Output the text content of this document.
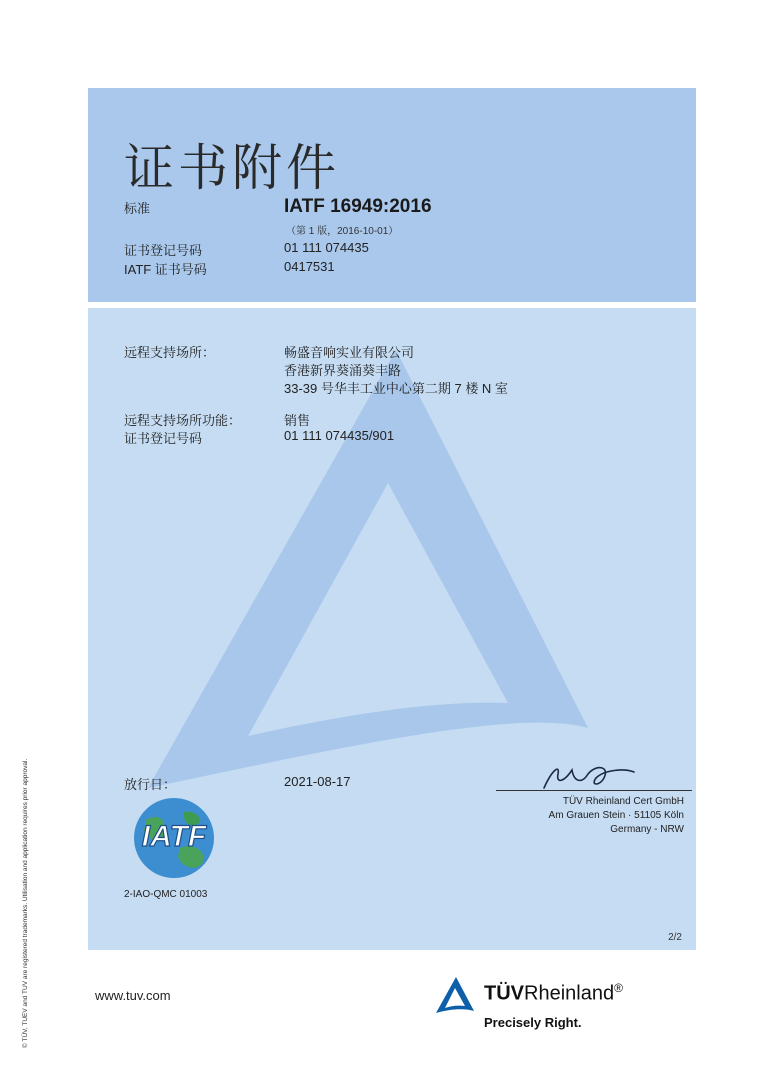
证书附件
标准	IATF 16949:2016
（第 1 版，2016-10-01）
证书登记号码	01 111 074435
IATF 证书号码	0417531
远程支持场所：	畅盛音响实业有限公司
香港新界葵涌葵丰路
33-39 号华丰工业中心第二期 7 楼 N 室
远程支持场所功能：	销售
证书登记号码	01 111 074435/901
放行日：	2021-08-17
TÜV Rheinland Cert GmbH
Am Grauen Stein · 51105 Köln
Germany - NRW
IATF
2-IAO-QMC 01003
2/2
© TÜV, TUEV and TUV are registered trademarks. Utilisation and application requires prior approval.	www.tuv.com	TÜVRheinland®
Precisely Right.
